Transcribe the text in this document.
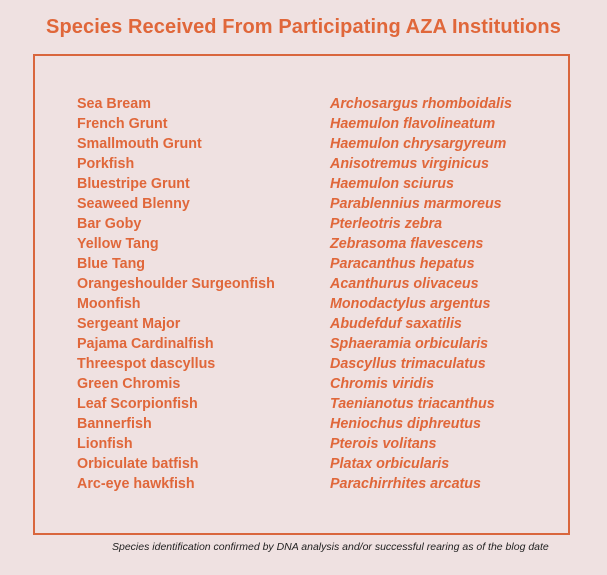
Species Received From Participating AZA Institutions
Sea Bream
French Grunt
Smallmouth Grunt
Porkfish
Bluestripe Grunt
Seaweed Blenny
Bar Goby
Yellow Tang
Blue Tang
Orangeshoulder Surgeonfish
Moonfish
Sergeant Major
Pajama Cardinalfish
Threespot dascyllus
Green Chromis
Leaf Scorpionfish
Bannerfish
Lionfish
Orbiculate batfish
Arc-eye hawkfish
Archosargus rhomboidalis
Haemulon flavolineatum
Haemulon chrysargyreum
Anisotremus virginicus
Haemulon sciurus
Parablennius marmoreus
Pterleotris zebra
Zebrasoma flavescens
Paracanthus hepatus
Acanthurus olivaceus
Monodactylus argentus
Abudefduf saxatilis
Sphaeramia orbicularis
Dascyllus trimaculatus
Chromis viridis
Taenianotus triacanthus
Heniochus diphreutus
Pterois volitans
Platax orbicularis
Parachirrhites arcatus
Species identification confirmed by DNA analysis and/or successful rearing as of the blog date
